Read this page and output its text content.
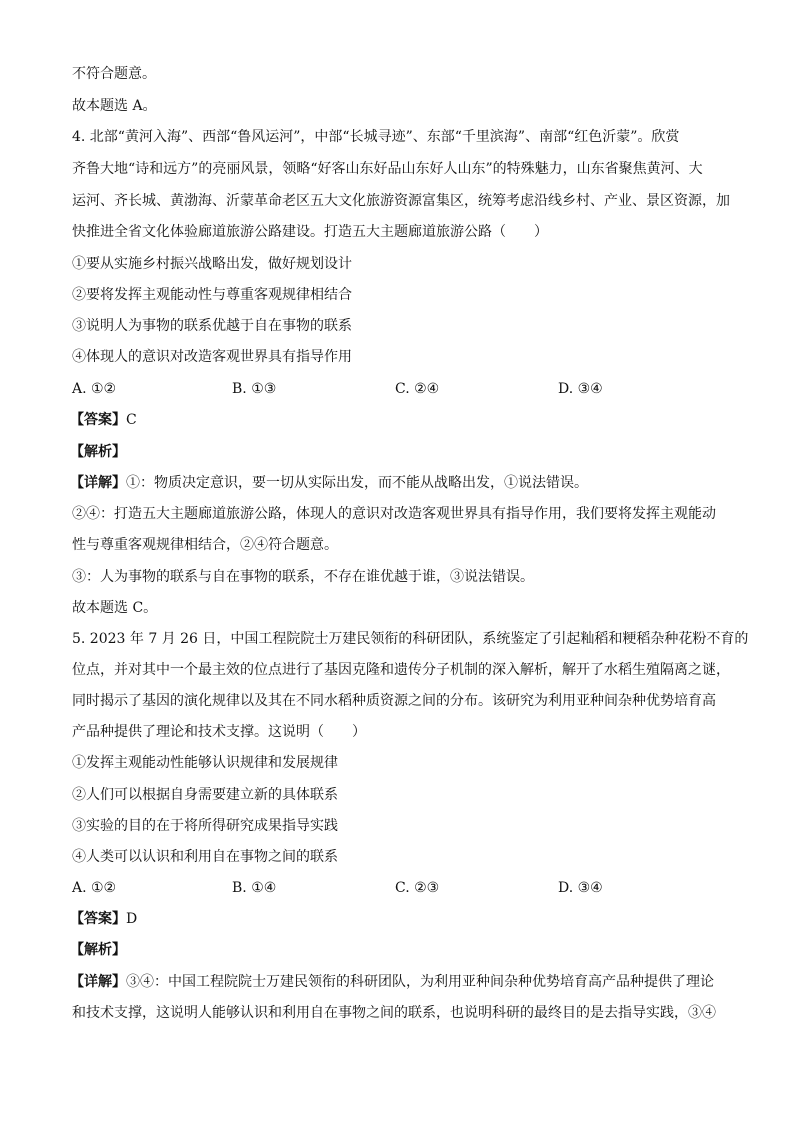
不符合题意。
故本题选 A。
4. 北部“黄河入海”、西部“鲁风运河”，中部“长城寻迹”、东部“千里滨海”、南部“红色沂蒙”。欣赏
齐鲁大地“诗和远方”的亮丽风景，领略“好客山东好品山东好人山东”的特殊魅力，山东省聚焦黄河、大
运河、齐长城、黄渤海、沂蒙革命老区五大文化旅游资源富集区，统筹考虑沿线乡村、产业、景区资源，加
快推进全省文化体验廊道旅游公路建设。打造五大主题廊道旅游公路（　　）
①要从实施乡村振兴战略出发，做好规划设计
②要将发挥主观能动性与尊重客观规律相结合
③说明人为事物的联系优越于自在事物的联系
④体现人的意识对改造客观世界具有指导作用
A. ①②	B. ①③	C. ②④	D. ③④
【答案】C
【解析】
【详解】①：物质决定意识，要一切从实际出发，而不能从战略出发，①说法错误。
②④：打造五大主题廊道旅游公路，体现人的意识对改造客观世界具有指导作用，我们要将发挥主观能动
性与尊重客观规律相结合，②④符合题意。
③：人为事物的联系与自在事物的联系，不存在谁优越于谁，③说法错误。
故本题选 C。
5. 2023 年 7 月 26 日，中国工程院院士万建民领衔的科研团队，系统鉴定了引起籼稻和粳稻杂种花粉不育的
位点，并对其中一个最主效的位点进行了基因克隆和遗传分子机制的深入解析，解开了水稻生殖隔离之谜，
同时揭示了基因的演化规律以及其在不同水稻种质资源之间的分布。该研究为利用亚种间杂种优势培育高
产品种提供了理论和技术支撑。这说明（　　）
①发挥主观能动性能够认识规律和发展规律
②人们可以根据自身需要建立新的具体联系
③实验的目的在于将所得研究成果指导实践
④人类可以认识和利用自在事物之间的联系
A. ①②	B. ①④	C. ②③	D. ③④
【答案】D
【解析】
【详解】③④：中国工程院院士万建民领衔的科研团队，为利用亚种间杂种优势培育高产品种提供了理论
和技术支撑，这说明人能够认识和利用自在事物之间的联系，也说明科研的最终目的是去指导实践，③④
